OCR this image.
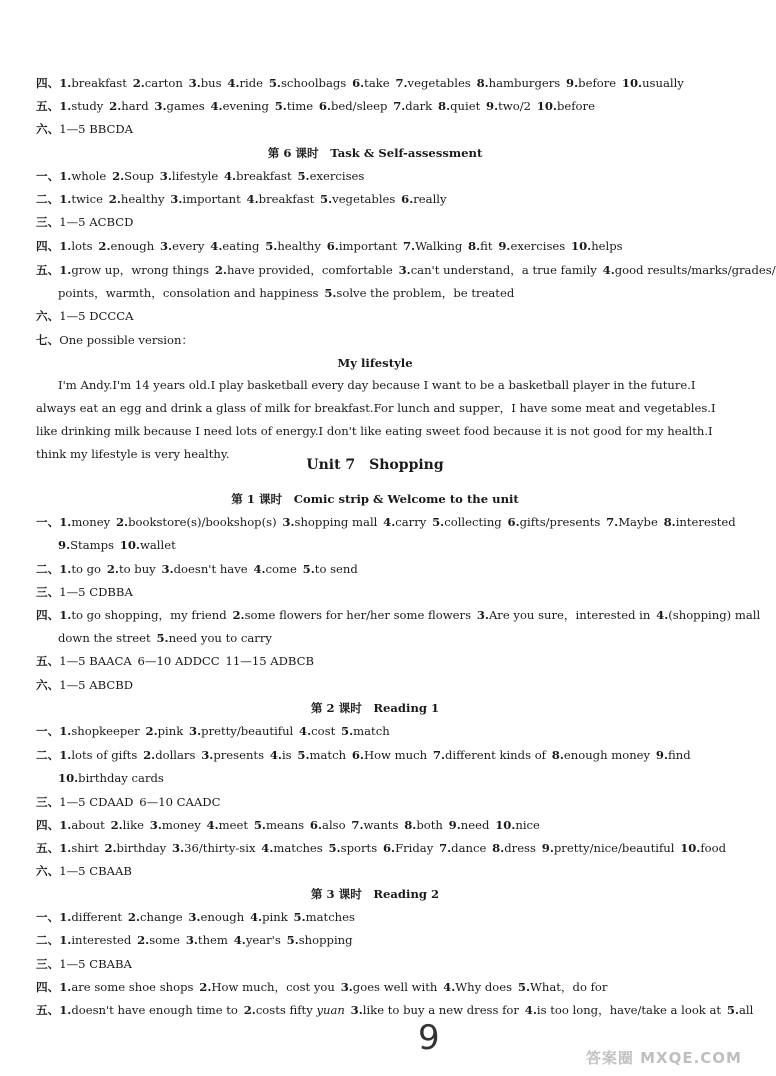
四、1.breakfast  2.carton  3.bus  4.ride  5.schoolbags  6.take  7.vegetables  8.hamburgers  9.before  10.usually
五、1.study  2.hard  3.games  4.evening  5.time  6.bed/sleep  7.dark  8.quiet  9.two/2  10.before
六、1—5 BBCDA
第 6 课时　Task & Self-assessment
一、1.whole  2.Soup  3.lifestyle  4.breakfast  5.exercises
二、1.twice  2.healthy  3.important  4.breakfast  5.vegetables  6.really
三、1—5 ACBCD
四、1.lots  2.enough  3.every  4.eating  5.healthy  6.important  7.Walking  8.fit  9.exercises  10.helps
五、1.grow up，wrong things  2.have provided，comfortable  3.can't understand，a true family  4.good results/marks/grades/
points，warmth，consolation and happiness  5.solve the problem，be treated
六、1—5 DCCCA
七、One possible version：
My lifestyle
I'm Andy.I'm 14 years old.I play basketball every day because I want to be a basketball player in the future.I always eat an egg and drink a glass of milk for breakfast.For lunch and supper，I have some meat and vegetables.I like drinking milk because I need lots of energy.I don't like eating sweet food because it is not good for my health.I think my lifestyle is very healthy.
Unit 7　Shopping
第 1 课时　Comic strip & Welcome to the unit
一、1.money  2.bookstore(s)/bookshop(s)  3.shopping mall  4.carry  5.collecting  6.gifts/presents  7.Maybe  8.interested
9.Stamps  10.wallet
二、1.to go  2.to buy  3.doesn't have  4.come  5.to send
三、1—5 CDBBA
四、1.to go shopping，my friend  2.some flowers for her/her some flowers  3.Are you sure，interested in  4.(shopping) mall
down the street  5.need you to carry
五、1—5 BAACA  6—10 ADDCC  11—15 ADBCB
六、1—5 ABCBD
第 2 课时　Reading 1
一、1.shopkeeper  2.pink  3.pretty/beautiful  4.cost  5.match
二、1.lots of gifts  2.dollars  3.presents  4.is  5.match  6.How much  7.different kinds of  8.enough money  9.find
10.birthday cards
三、1—5 CDAAD  6—10 CAADC
四、1.about  2.like  3.money  4.meet  5.means  6.also  7.wants  8.both  9.need  10.nice
五、1.shirt  2.birthday  3.36/thirty-six  4.matches  5.sports  6.Friday  7.dance  8.dress  9.pretty/nice/beautiful  10.food
六、1—5 CBAAB
第 3 课时　Reading 2
一、1.different  2.change  3.enough  4.pink  5.matches
二、1.interested  2.some  3.them  4.year's  5.shopping
三、1—5 CBABA
四、1.are some shoe shops  2.How much，cost you  3.goes well with  4.Why does  5.What，do for
五、1.doesn't have enough time to  2.costs fifty yuan  3.like to buy a new dress for  4.is too long，have/take a look at  5.all
9	答案圈 MXQE.COM
